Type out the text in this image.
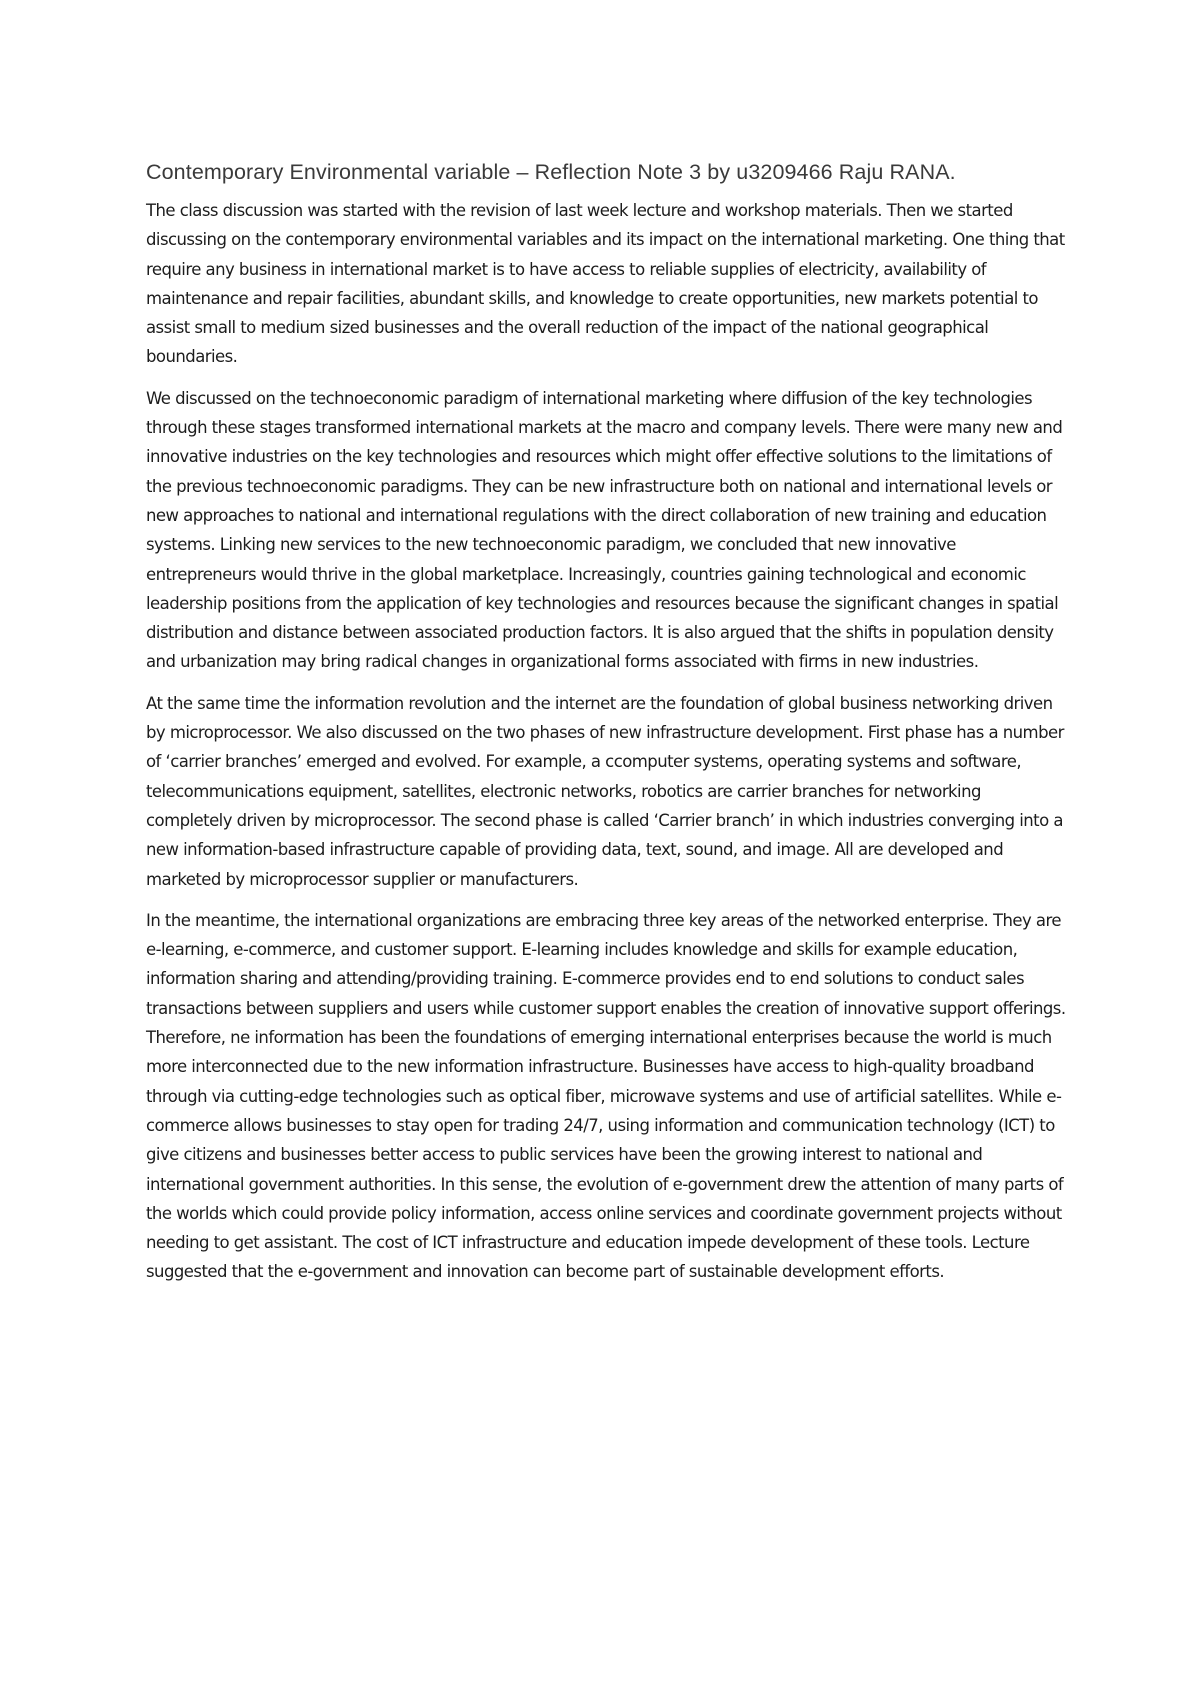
Contemporary Environmental variable – Reflection Note 3 by u3209466 Raju RANA.

The class discussion was started with the revision of last week lecture and workshop materials. Then we started discussing on the contemporary environmental variables and its impact on the international marketing. One thing that require any business in international market is to have access to reliable supplies of electricity, availability of maintenance and repair facilities, abundant skills, and knowledge to create opportunities, new markets potential to assist small to medium sized businesses and the overall reduction of the impact of the national geographical boundaries.

We discussed on the technoeconomic paradigm of international marketing where diffusion of the key technologies through these stages transformed international markets at the macro and company levels. There were many new and innovative industries on the key technologies and resources which might offer effective solutions to the limitations of the previous technoeconomic paradigms. They can be new infrastructure both on national and international levels or new approaches to national and international regulations with the direct collaboration of new training and education systems. Linking new services to the new technoeconomic paradigm, we concluded that new innovative entrepreneurs would thrive in the global marketplace. Increasingly, countries gaining technological and economic leadership positions from the application of key technologies and resources because the significant changes in spatial distribution and distance between associated production factors. It is also argued that the shifts in population density and urbanization may bring radical changes in organizational forms associated with firms in new industries.

At the same time the information revolution and the internet are the foundation of global business networking driven by microprocessor. We also discussed on the two phases of new infrastructure development. First phase has a number of ‘carrier branches’ emerged and evolved. For example, a ccomputer systems, operating systems and software, telecommunications equipment, satellites, electronic networks, robotics are carrier branches for networking completely driven by microprocessor. The second phase is called ‘Carrier branch’ in which industries converging into a new information-based infrastructure capable of providing data, text, sound, and image. All are developed and marketed by microprocessor supplier or manufacturers.

In the meantime, the international organizations are embracing three key areas of the networked enterprise. They are e-learning, e-commerce, and customer support. E-learning includes knowledge and skills for example education, information sharing and attending/providing training. E-commerce provides end to end solutions to conduct sales transactions between suppliers and users while customer support enables the creation of innovative support offerings. Therefore, ne information has been the foundations of emerging international enterprises because the world is much more interconnected due to the new information infrastructure. Businesses have access to high-quality broadband through via cutting-edge technologies such as optical fiber, microwave systems and use of artificial satellites. While e-commerce allows businesses to stay open for trading 24/7, using information and communication technology (ICT) to give citizens and businesses better access to public services have been the growing interest to national and international government authorities. In this sense, the evolution of e-government drew the attention of many parts of the worlds which could provide policy information, access online services and coordinate government projects without needing to get assistant. The cost of ICT infrastructure and education impede development of these tools. Lecture suggested that the e-government and innovation can become part of sustainable development efforts.
